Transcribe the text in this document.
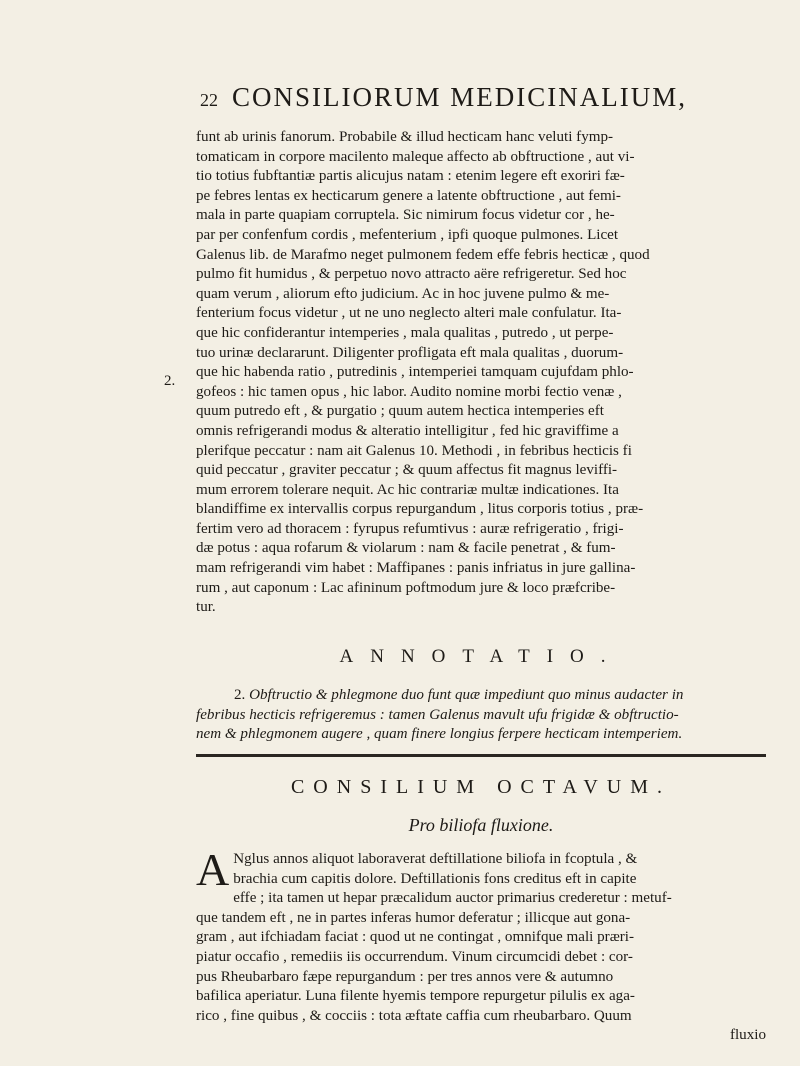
22 CONSILIORUM MEDICINALIUM,
2.
funt ab urinis fanorum. Probabile & illud hecticam hanc veluti fymp-
tomaticam in corpore macilento maleque affecto ab obftructione , aut vi-
tio totius fubftantiæ partis alicujus natam : etenim legere eft exoriri fæ-
pe febres lentas ex hecticarum genere a latente obftructione , aut femi-
mala in parte quapiam corruptela. Sic nimirum focus videtur cor , he-
par per confenfum cordis , mefenterium , ipfi quoque pulmones. Licet
Galenus lib. de Marafmo neget pulmonem fedem effe febris hecticæ , quod
pulmo fit humidus , & perpetuo novo attracto aëre refrigeretur. Sed hoc
quam verum , aliorum efto judicium. Ac in hoc juvene pulmo & me-
fenterium focus videtur , ut ne uno neglecto alteri male confulatur. Ita-
que hic confiderantur intemperies , mala qualitas , putredo , ut perpe-
tuo urinæ declararunt. Diligenter profligata eft mala qualitas , duorum-
que hic habenda ratio , putredinis , intemperiei tamquam cujufdam phlo-
gofeos : hic tamen opus , hic labor. Audito nomine morbi fectio venæ ,
quum putredo eft , & purgatio ; quum autem hectica intemperies eft
omnis refrigerandi modus & alteratio intelligitur , fed hic graviffime a
plerifque peccatur : nam ait Galenus 10. Methodi , in febribus hecticis fi
quid peccatur , graviter peccatur ; & quum affectus fit magnus leviffi-
mum errorem tolerare nequit. Ac hic contrariæ multæ indicationes. Ita
blandiffime ex intervallis corpus repurgandum , litus corporis totius , præ-
fertim vero ad thoracem : fyrupus refumtivus : auræ refrigeratio , frigi-
dæ potus : aqua rofarum & violarum : nam & facile penetrat , & fum-
mam refrigerandi vim habet : Maffipanes : panis infriatus in jure gallina-
rum , aut caponum : Lac afininum poftmodum jure & loco præfcribe-
tur.
ANNOTATIO.
2. Obftructio & phlegmone duo funt quæ impediunt quo minus audacter in
febribus hecticis refrigeremus : tamen Galenus mavult ufu frigidæ & obftructio-
nem & phlegmonem augere , quam finere longius ferpere hecticam intemperiem.
CONSILIUM OCTAVUM.
Pro biliofa fluxione.
A Nglus annos aliquot laboraverat deftillatione biliofa in fcoptula , &
brachia cum capitis dolore. Deftillationis fons creditus eft in capite
effe ; ita tamen ut hepar præcalidum auctor primarius crederetur : metuf-
que tandem eft , ne in partes inferas humor deferatur ; illicque aut gona-
gram , aut ifchiadam faciat : quod ut ne contingat , omnifque mali præri-
piatur occafio , remediis iis occurrendum. Vinum circumcidi debet : cor-
pus Rheubarbaro fæpe repurgandum : per tres annos vere & autumno
bafilica aperiatur. Luna filente hyemis tempore repurgetur pilulis ex aga-
rico , fine quibus , & cocciis : tota æftate caffia cum rheubarbaro. Quum
fluxio
